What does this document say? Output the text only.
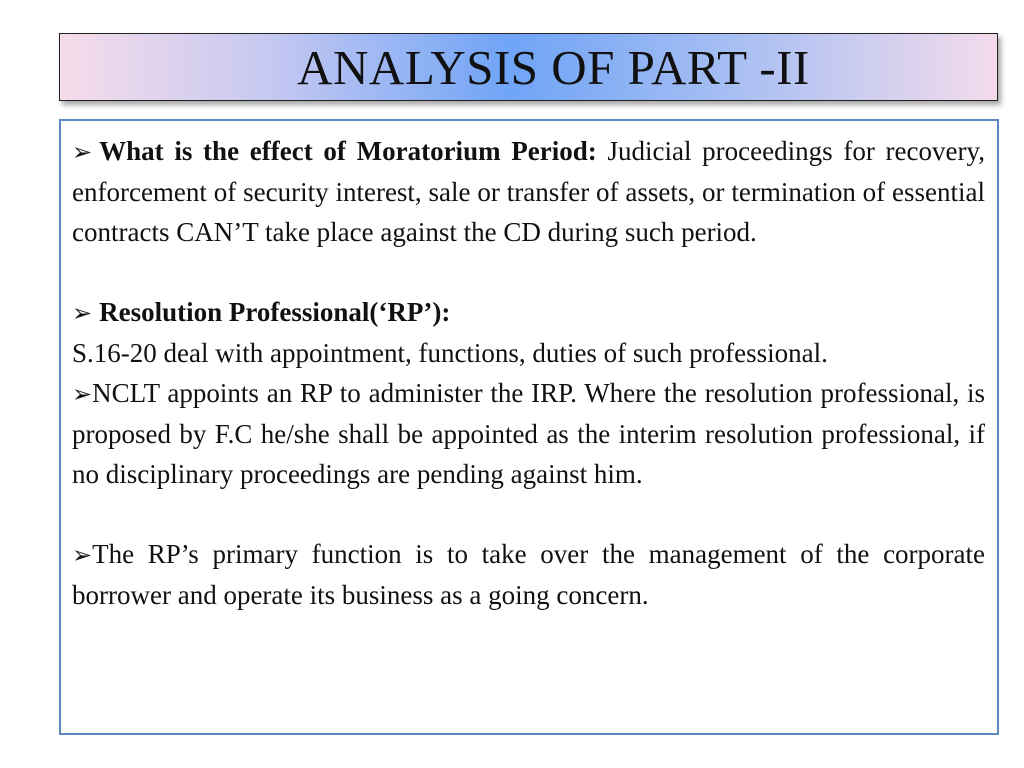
ANALYSIS OF PART -II

➢ What is the effect of Moratorium Period: Judicial proceedings for recovery, enforcement of security interest, sale or transfer of assets, or termination of essential contracts CAN’T take place against the CD during such period.

➢ Resolution Professional(‘RP’):

S.16-20 deal with appointment, functions, duties of such professional.

➢NCLT appoints an RP to administer the IRP. Where the resolution professional, is proposed by F.C he/she shall be appointed as the interim resolution professional, if no disciplinary proceedings are pending against him.

➢The RP’s primary function is to take over the management of the corporate borrower and operate its business as a going concern.
